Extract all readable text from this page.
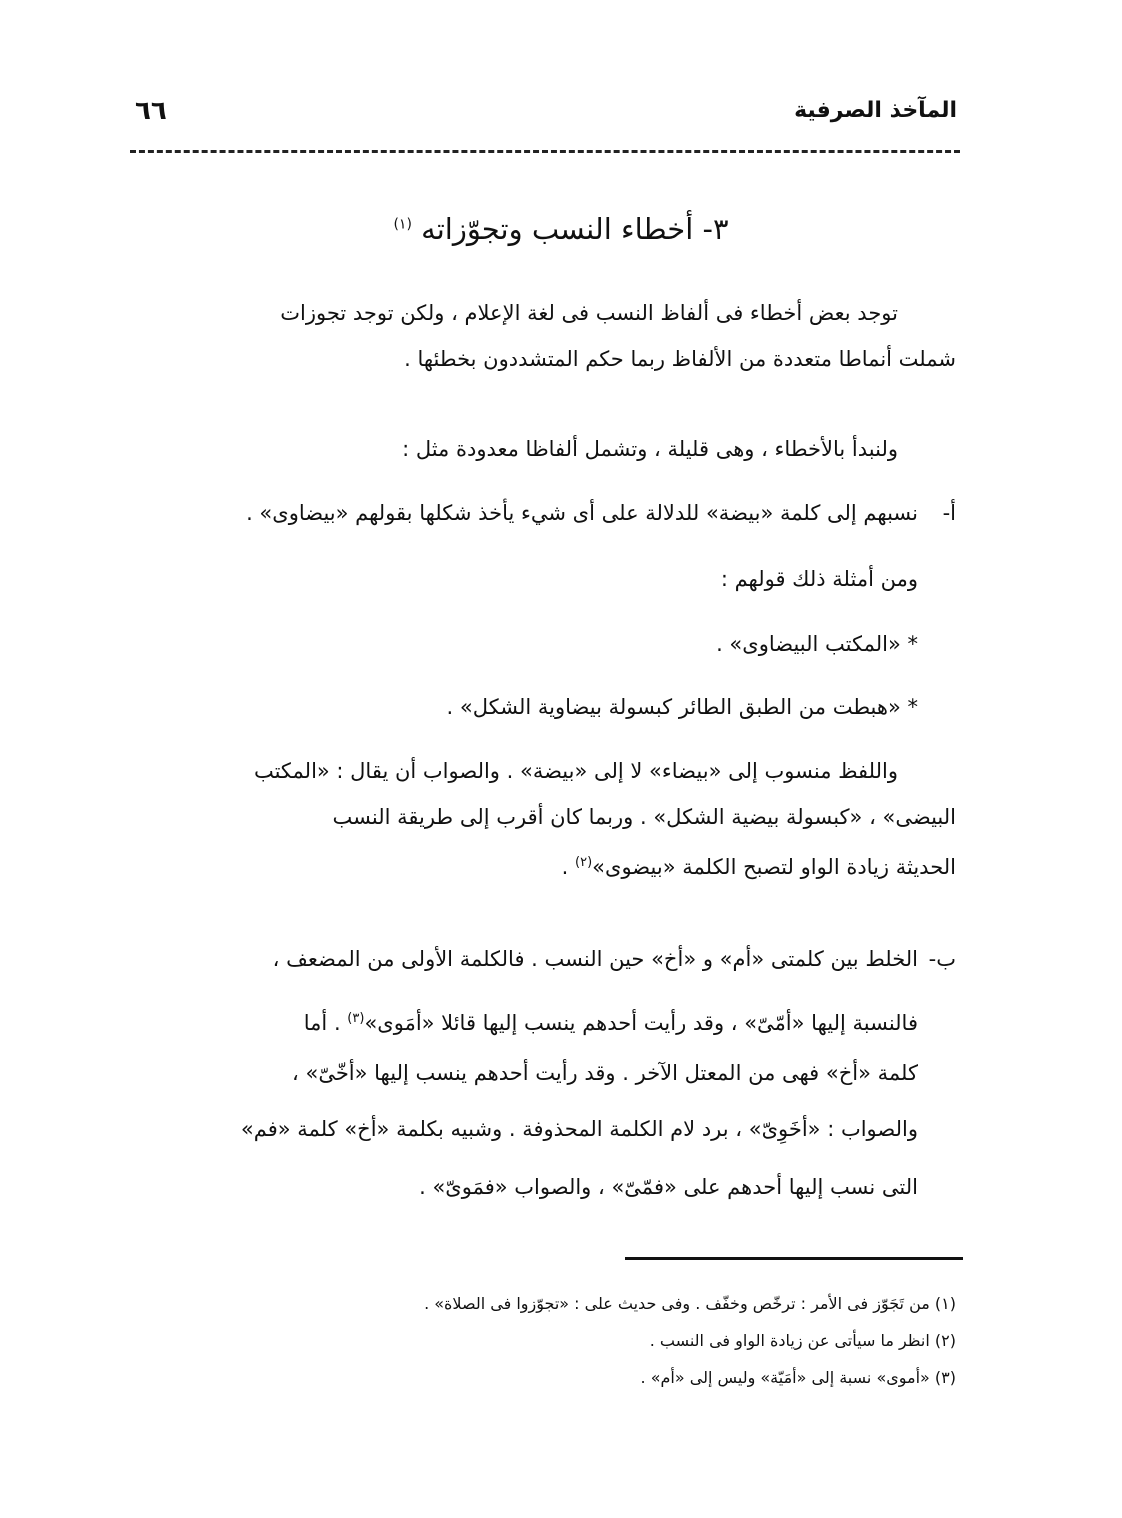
المآخذ الصرفية
٦٦
٣- أخطاء النسب وتجوّزاته $^{(١)}$

توجد بعض أخطاء فى ألفاظ النسب فى لغة الإعلام ، ولكن توجد تجوزات

شملت أنماطا متعددة من الألفاظ ربما حكم المتشددون بخطئها .

ولنبدأ بالأخطاء ، وهى قليلة ، وتشمل ألفاظا معدودة مثل :

أ-نسبهم إلى كلمة «بيضة» للدلالة على أى شيء يأخذ شكلها بقولهم «بيضاوى» .
ومن أمثلة ذلك قولهم :
* «المكتب البيضاوى» .
* «هبطت من الطبق الطائر كبسولة بيضاوية الشكل» .

واللفظ منسوب إلى «بيضاء» لا إلى «بيضة» . والصواب أن يقال : «المكتب

البيضى» ، «كبسولة بيضية الشكل» . وربما كان أقرب إلى طريقة النسب

الحديثة زيادة الواو لتصبح الكلمة «بيضوى»$^{(٢)}$ .

ب-الخلط بين كلمتى «أم» و «أخ» حين النسب . فالكلمة الأولى من المضعف ،
فالنسبة إليها «أمّىّ» ، وقد رأيت أحدهم ينسب إليها قائلا «أمَوى»$^{(٣)}$ . أما
كلمة «أخ» فهى من المعتل الآخر . وقد رأيت أحدهم ينسب إليها «أخّىّ» ،
والصواب : «أخَوِىّ» ، برد لام الكلمة المحذوفة . وشبيه بكلمة «أخ» كلمة «فم»
التى نسب إليها أحدهم على «فمّىّ» ، والصواب «فمَوىّ» .
(١) من تَجَوّز فى الأمر : ترخّص وخفّف . وفى حديث على : «تجوّزوا فى الصلاة» .
(٢) انظر ما سيأتى عن زيادة الواو فى النسب .
(٣) «أموى» نسبة إلى «أمَيّة» وليس إلى «أم» .
